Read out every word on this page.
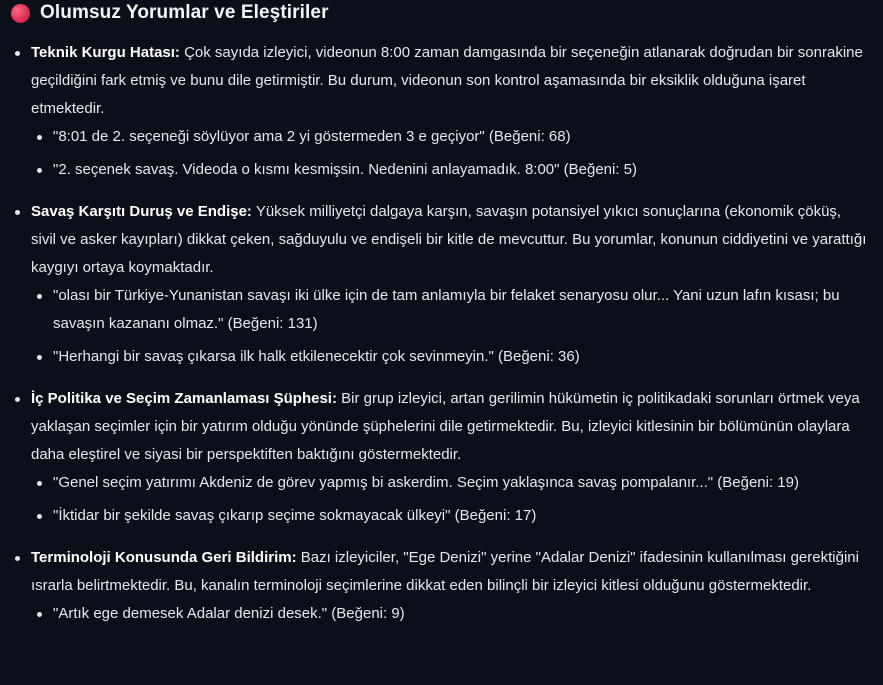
Olumsuz Yorumlar ve Eleştiriler
Teknik Kurgu Hatası: Çok sayıda izleyici, videonun 8:00 zaman damgasında bir seçeneğin atlanarak doğrudan bir sonrakine geçildiğini fark etmiş ve bunu dile getirmiştir. Bu durum, videonun son kontrol aşamasında bir eksiklik olduğuna işaret etmektedir.
"8:01 de 2. seçeneği söylüyor ama 2 yi göstermeden 3 e geçiyor" (Beğeni: 68)
"2. seçenek savaş. Videoda o kısmı kesmişsin. Nedenini anlayamadık. 8:00" (Beğeni: 5)
Savaş Karşıtı Duruş ve Endişe: Yüksek milliyetçi dalgaya karşın, savaşın potansiyel yıkıcı sonuçlarına (ekonomik çöküş, sivil ve asker kayıpları) dikkat çeken, sağduyulu ve endişeli bir kitle de mevcuttur. Bu yorumlar, konunun ciddiyetini ve yarattığı kaygıyı ortaya koymaktadır.
"olası bir Türkiye-Yunanistan savaşı iki ülke için de tam anlamıyla bir felaket senaryosu olur... Yani uzun lafın kısası; bu savaşın kazananı olmaz." (Beğeni: 131)
"Herhangi bir savaş çıkarsa ilk halk etkilenecektir çok sevinmeyin." (Beğeni: 36)
İç Politika ve Seçim Zamanlaması Şüphesi: Bir grup izleyici, artan gerilimin hükümetin iç politikadaki sorunları örtmek veya yaklaşan seçimler için bir yatırım olduğu yönünde şüphelerini dile getirmektedir. Bu, izleyici kitlesinin bir bölümünün olaylara daha eleştirel ve siyasi bir perspektiften baktığını göstermektedir.
"Genel seçim yatırımı Akdeniz de görev yapmış bi askerdim. Seçim yaklaşınca savaş pompalanır..." (Beğeni: 19)
"İktidar bir şekilde savaş çıkarıp seçime sokmayacak ülkeyi" (Beğeni: 17)
Terminoloji Konusunda Geri Bildirim: Bazı izleyiciler, "Ege Denizi" yerine "Adalar Denizi" ifadesinin kullanılması gerektiğini ısrarla belirtmektedir. Bu, kanalın terminoloji seçimlerine dikkat eden bilinçli bir izleyici kitlesi olduğunu göstermektedir.
"Artık ege demesek Adalar denizi desek." (Beğeni: 9)
